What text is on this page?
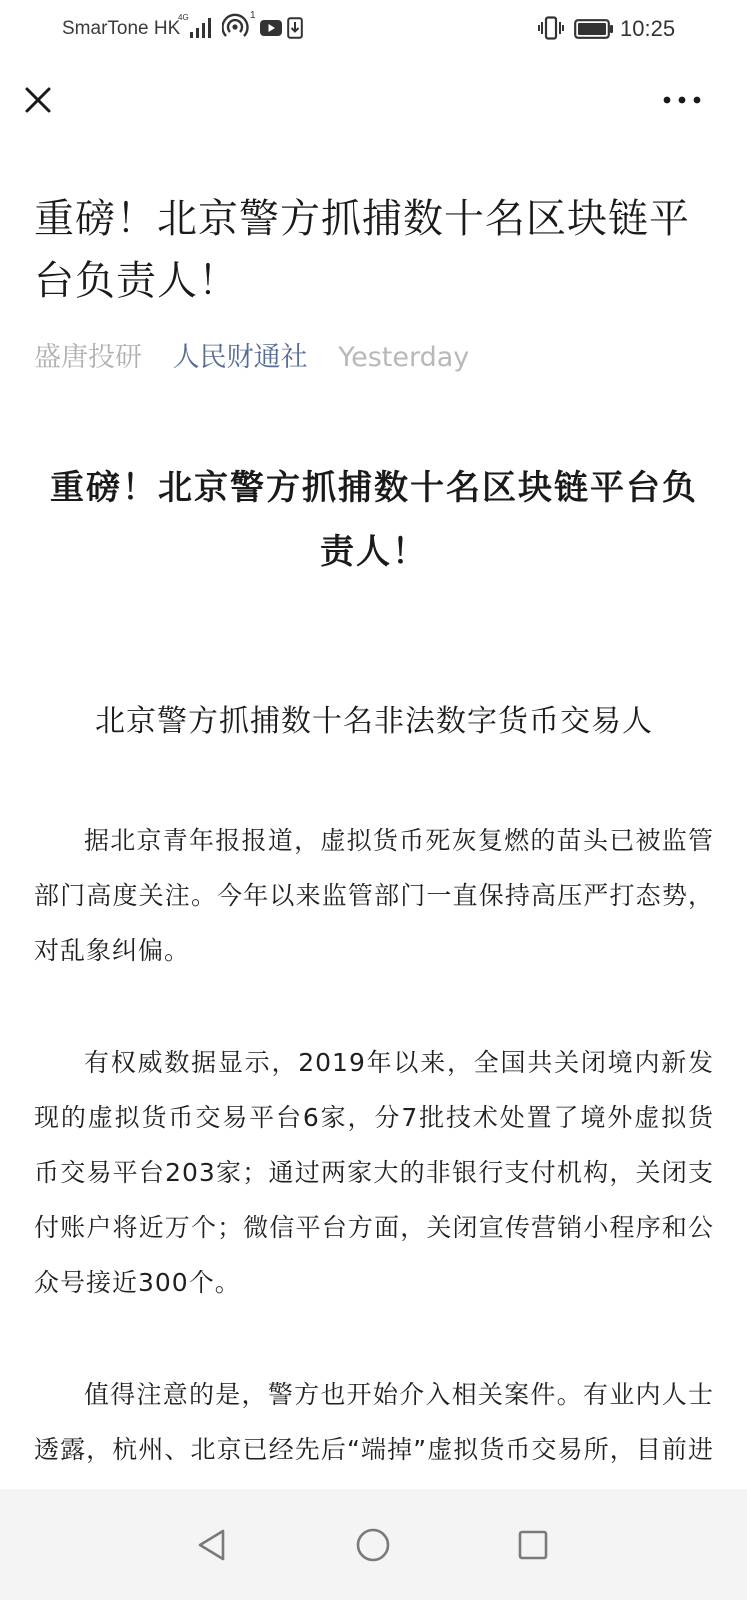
SmarTone HK
4G	1
10:25
重磅！北京警方抓捕数十名区块链平台负责人！
盛唐投研 人民财通社 Yesterday
重磅！北京警方抓捕数十名区块链平台负责人！
北京警方抓捕数十名非法数字货币交易人

据北京青年报报道，虚拟货币死灰复燃的苗头已被监管部门高度关注。今年以来监管部门一直保持高压严打态势，对乱象纠偏。

有权威数据显示，2019年以来，全国共关闭境内新发现的虚拟货币交易平台6家，分7批技术处置了境外虚拟货币交易平台203家；通过两家大的非银行支付机构，关闭支付账户将近万个；微信平台方面，关闭宣传营销小程序和公众号接近300个。

值得注意的是，警方也开始介入相关案件。有业内人士透露，杭州、北京已经先后“端掉”虚拟货币交易所，目前进
